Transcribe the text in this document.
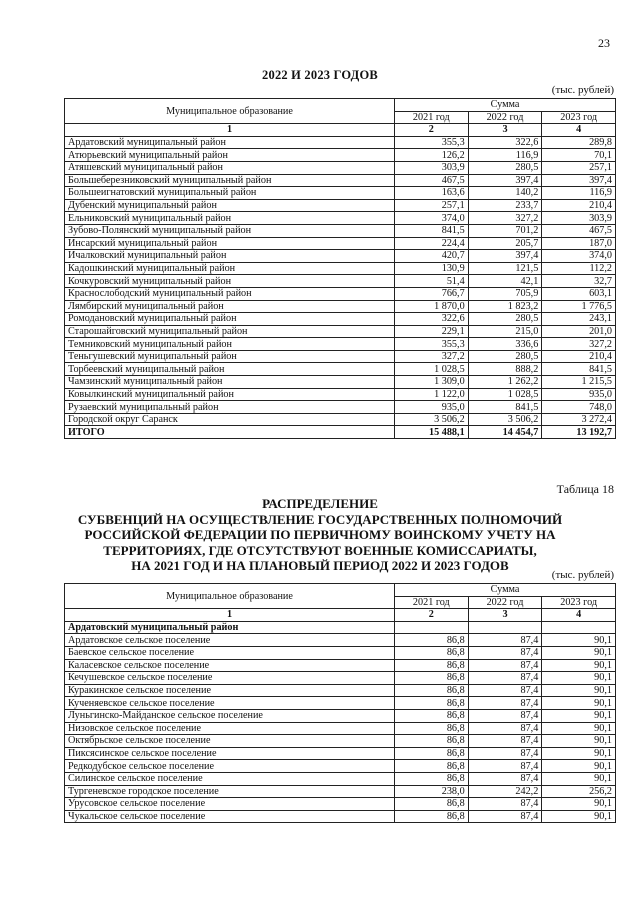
23
2022 И 2023 ГОДОВ
(тыс. рублей)
Муниципальное образование	Сумма		
	2021 год	2022 год	2023 год
1	2	3	4
Ардатовский муниципальный район	355,3	322,6	289,8
Атюрьевский муниципальный район	126,2	116,9	70,1
Атяшевский муниципальный район	303,9	280,5	257,1
Большеберезниковский муниципальный район	467,5	397,4	397,4
Большеигнатовский муниципальный район	163,6	140,2	116,9
Дубенский муниципальный район	257,1	233,7	210,4
Ельниковский муниципальный район	374,0	327,2	303,9
Зубово-Полянский муниципальный район	841,5	701,2	467,5
Инсарский муниципальный район	224,4	205,7	187,0
Ичалковский муниципальный район	420,7	397,4	374,0
Кадошкинский муниципальный район	130,9	121,5	112,2
Кочкуровский муниципальный район	51,4	42,1	32,7
Краснослободский муниципальный район	766,7	705,9	603,1
Лямбирский муниципальный район	1 870,0	1 823,2	1 776,5
Ромодановский муниципальный район	322,6	280,5	243,1
Старошайговский муниципальный район	229,1	215,0	201,0
Темниковский муниципальный район	355,3	336,6	327,2
Теньгушевский муниципальный район	327,2	280,5	210,4
Торбеевский муниципальный район	1 028,5	888,2	841,5
Чамзинский муниципальный район	1 309,0	1 262,2	1 215,5
Ковылкинский муниципальный район	1 122,0	1 028,5	935,0
Рузаевский муниципальный район	935,0	841,5	748,0
Городской округ Саранск	3 506,2	3 506,2	3 272,4
ИТОГО	15 488,1	14 454,7	13 192,7
Таблица 18
РАСПРЕДЕЛЕНИЕ
СУБВЕНЦИЙ НА ОСУЩЕСТВЛЕНИЕ ГОСУДАРСТВЕННЫХ ПОЛНОМОЧИЙ
РОССИЙСКОЙ ФЕДЕРАЦИИ ПО ПЕРВИЧНОМУ ВОИНСКОМУ УЧЕТУ НА
ТЕРРИТОРИЯХ, ГДЕ ОТСУТСТВУЮТ ВОЕННЫЕ КОМИССАРИАТЫ,
НА 2021 ГОД И НА ПЛАНОВЫЙ ПЕРИОД 2022 И 2023 ГОДОВ
(тыс. рублей)
Муниципальное образование	Сумма		
	2021 год	2022 год	2023 год
1	2	3	4
Ардатовский муниципальный район			
Ардатовское сельское поселение	86,8	87,4	90,1
Баевское сельское поселение	86,8	87,4	90,1
Каласевское сельское поселение	86,8	87,4	90,1
Кечушевское сельское поселение	86,8	87,4	90,1
Куракинское сельское поселение	86,8	87,4	90,1
Кученяевское сельское поселение	86,8	87,4	90,1
Луньгинско-Майданское сельское поселение	86,8	87,4	90,1
Низовское сельское поселение	86,8	87,4	90,1
Октябрьское сельское поселение	86,8	87,4	90,1
Пиксясинское сельское поселение	86,8	87,4	90,1
Редкодубское сельское поселение	86,8	87,4	90,1
Силинское сельское поселение	86,8	87,4	90,1
Тургеневское городское поселение	238,0	242,2	256,2
Урусовское сельское поселение	86,8	87,4	90,1
Чукальское сельское поселение	86,8	87,4	90,1
